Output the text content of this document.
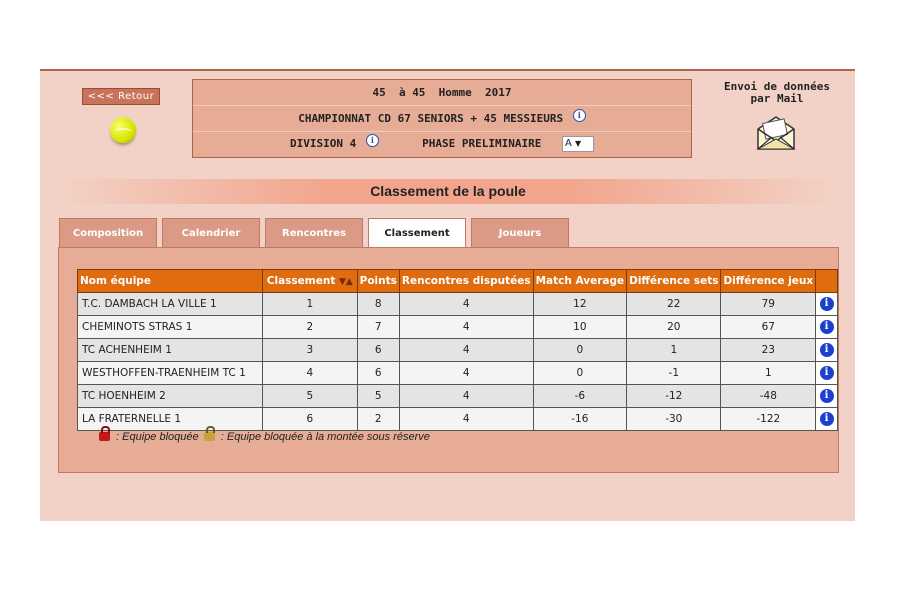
<<< Retour	45  à 45  Homme  2017
CHAMPIONNAT CD 67 SENIORS + 45 MESSIEURS i
DIVISION 4 i	PHASE PRELIMINAIRE A ▼
Envoi de données
par Mail
Classement de la poule
Composition	Calendrier	Rencontres	Classement	Joueurs
Nom équipe	Classement ▼▲	Points	Rencontres disputées	Match Average	Différence sets	Différence jeux	
T.C. DAMBACH LA VILLE 1	1	8	4	12	22	79	i
CHEMINOTS STRAS 1	2	7	4	10	20	67	i
TC ACHENHEIM 1	3	6	4	0	1	23	i
WESTHOFFEN-TRAENHEIM TC 1	4	6	4	0	-1	1	i
TC HOENHEIM 2	5	5	4	-6	-12	-48	i
LA FRATERNELLE 1	6	2	4	-16	-30	-122	i
: Equipe bloquée : Equipe bloquée à la montée sous réserve
